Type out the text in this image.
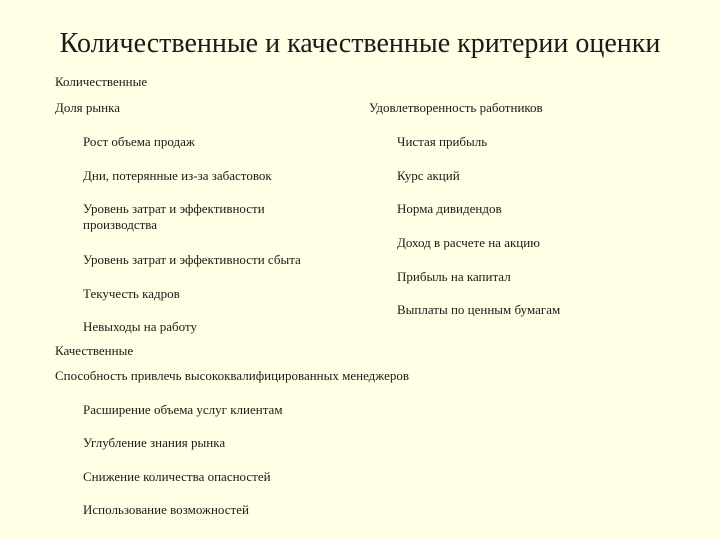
Количественные и качественные критерии оценки
Количественные
Доля рынка	Удовлетворенность работников
Рост объема продаж
Дни, потерянные из-за забастовок
Уровень затрат и эффективности производства
Уровень затрат и эффективности сбыта
Текучесть кадров
Невыходы на работу
Чистая прибыль
Курс акций
Норма дивидендов
Доход в расчете на акцию
Прибыль на капитал
Выплаты по ценным бумагам
Качественные
Способность привлечь высококвалифицированных менеджеров
Расширение объема услуг клиентам
Углубление знания рынка
Снижение количества опасностей
Использование возможностей
